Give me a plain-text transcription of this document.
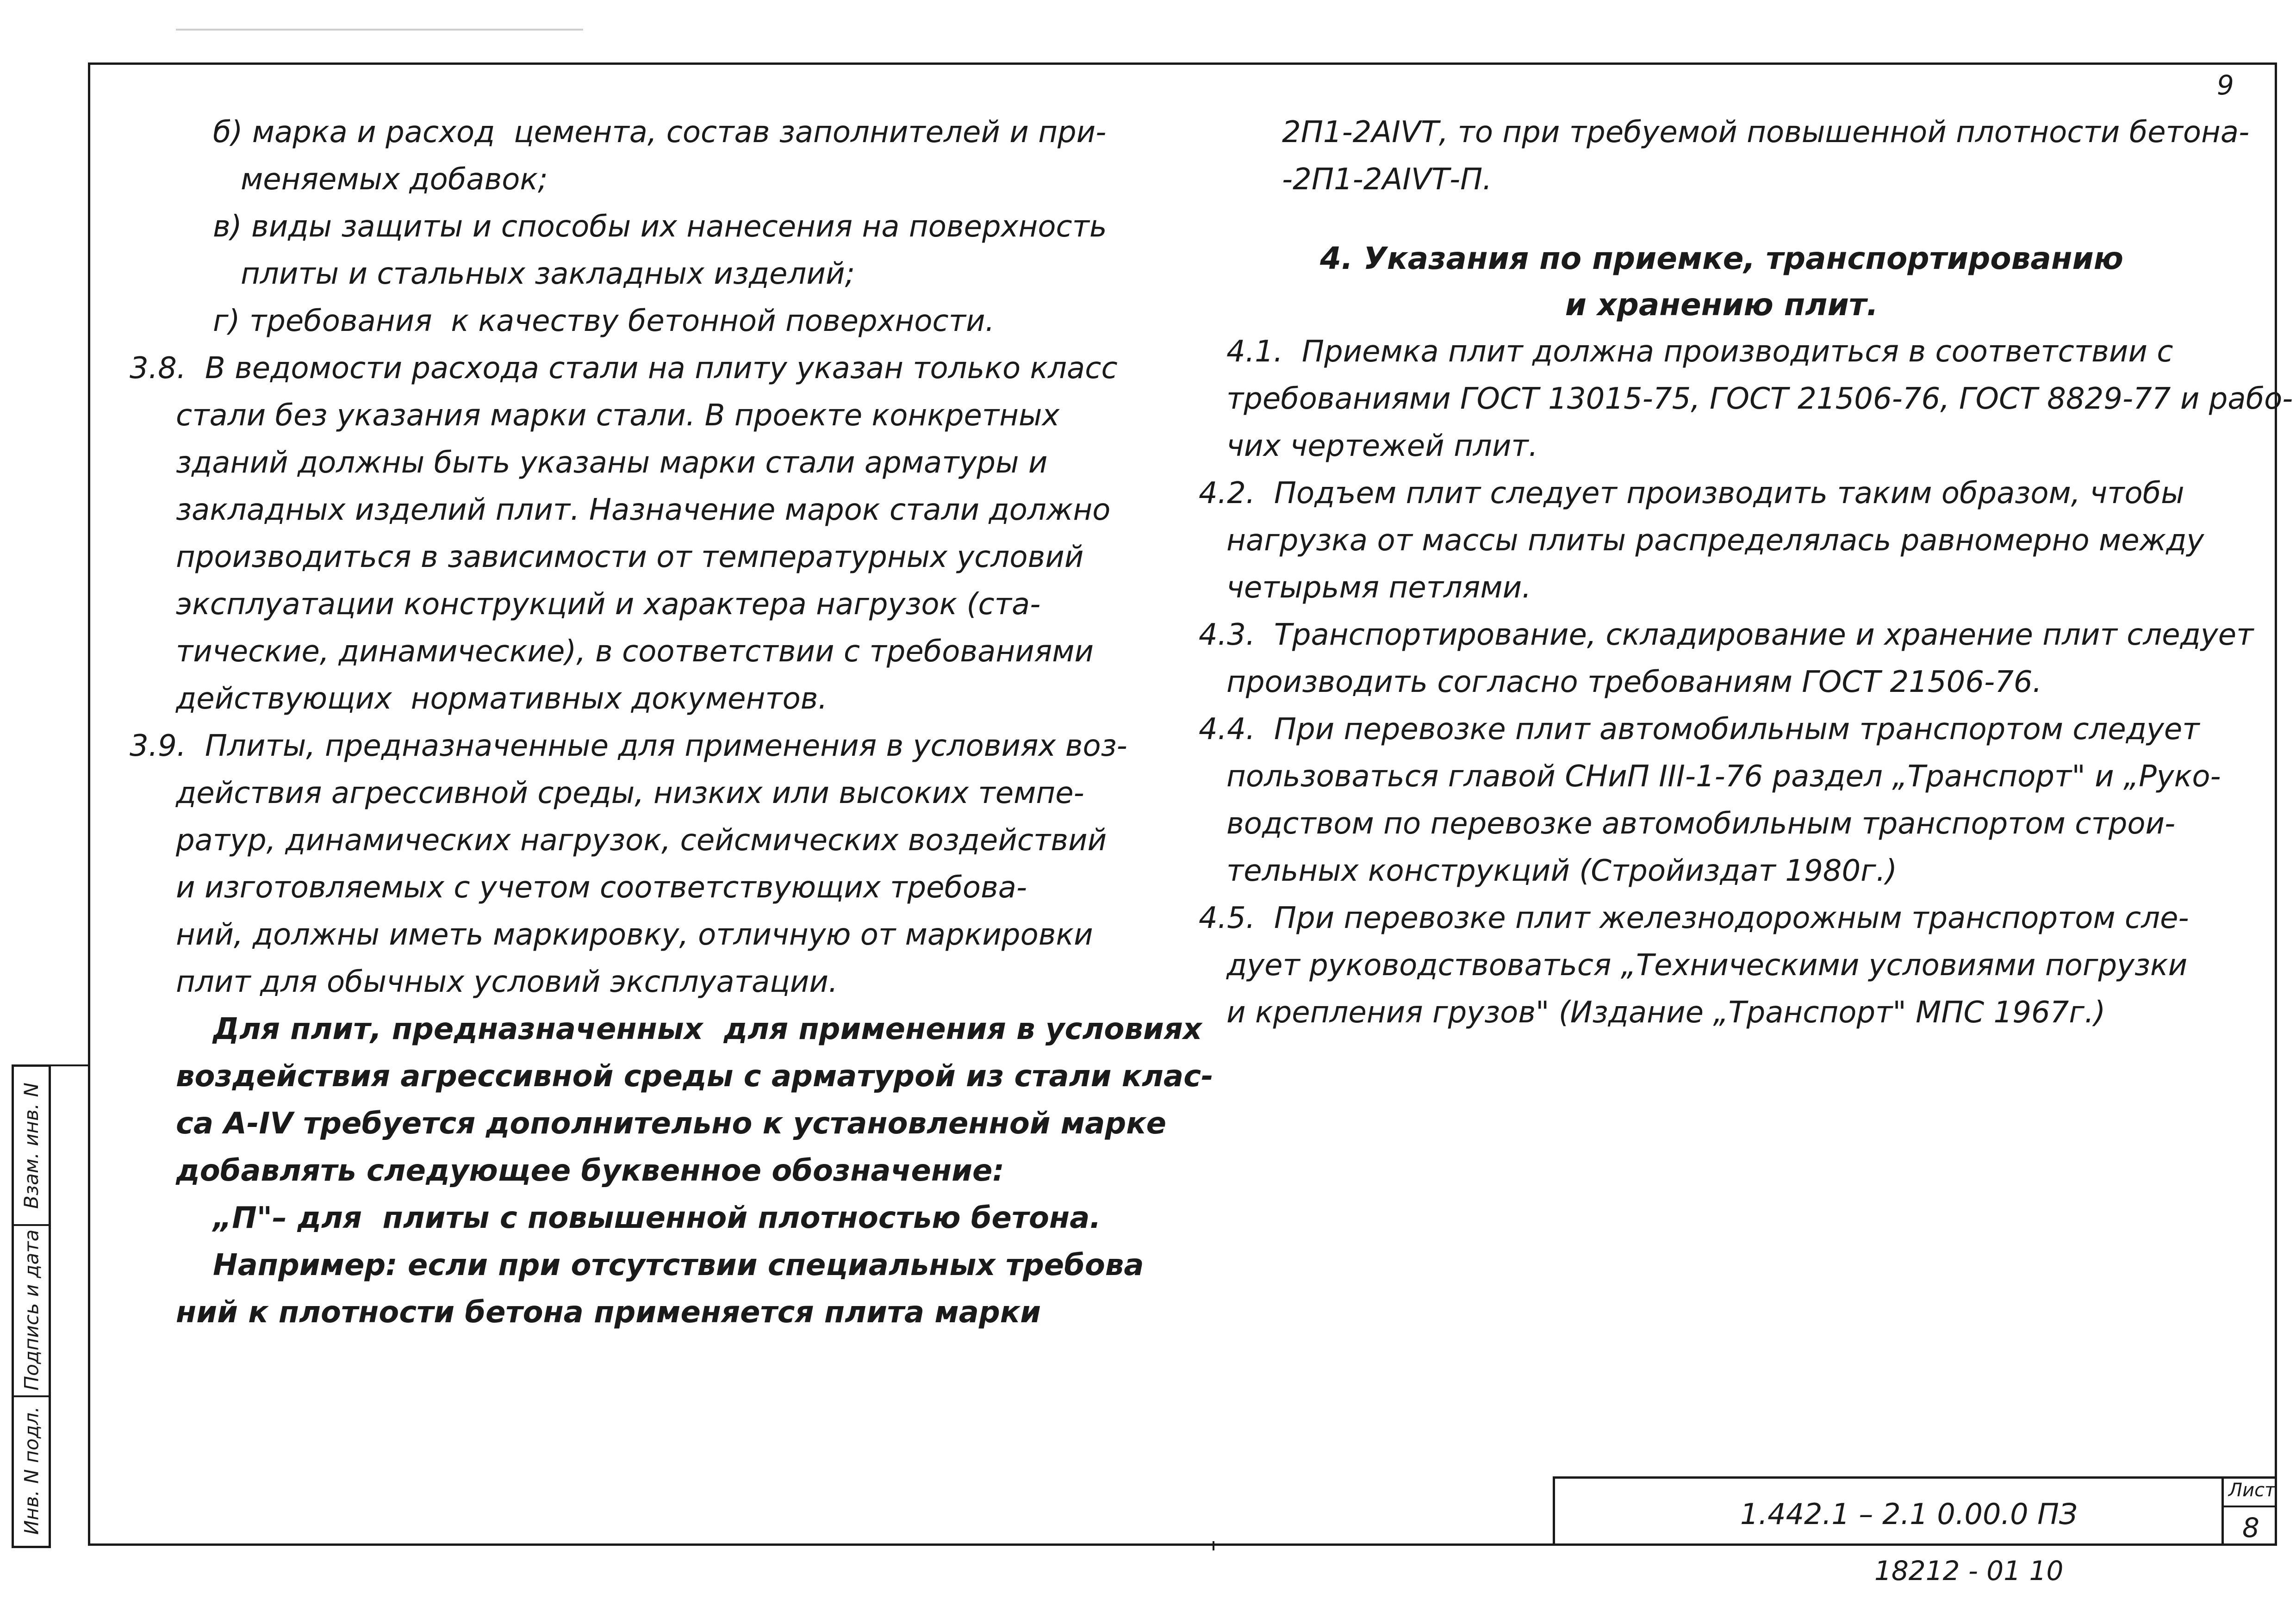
9

б) марка и расход  цемента, состав заполнителей и при-

меняемых добавок;

в) виды защиты и способы их нанесения на поверхность

плиты и стальных закладных изделий;

г) требования  к качеству бетонной поверхности.

3.8.  В ведомости расхода стали на плиту указан только класс

стали без указания марки стали. В проекте конкретных

зданий должны быть указаны марки стали арматуры и

закладных изделий плит. Назначение марок стали должно

производиться в зависимости от температурных условий

эксплуатации конструкций и характера нагрузок (ста-

тические, динамические), в соответствии с требованиями

действующих  нормативных документов.

3.9.  Плиты, предназначенные для применения в условиях воз-

действия агрессивной среды, низких или высоких темпе-

ратур, динамических нагрузок, сейсмических воздействий

и изготовляемых с учетом соответствующих требова-

ний, должны иметь маркировку, отличную от маркировки

плит для обычных условий эксплуатации.

Для плит, предназначенных  для применения в условиях

воздействия агрессивной среды с арматурой из стали клас-

са А-IV требуется дополнительно к установленной марке

добавлять следующее буквенное обозначение:

„П"– для  плиты с повышенной плотностью бетона.

Например: если при отсутствии специальных требова

ний к плотности бетона применяется плита марки

2П1-2АIVТ, то при требуемой повышенной плотности бетона-

-2П1-2АIVТ-П.

4. Указания по приемке, транспортированию
и хранению плит.

4.1.  Приемка плит должна производиться в соответствии с

требованиями ГОСТ 13015-75, ГОСТ 21506-76, ГОСТ 8829-77 и рабо-

чих чертежей плит.

4.2.  Подъем плит следует производить таким образом, чтобы

нагрузка от массы плиты распределялась равномерно между

четырьмя петлями.

4.3.  Транспортирование, складирование и хранение плит следует

производить согласно требованиям ГОСТ 21506-76.

4.4.  При перевозке плит автомобильным транспортом следует

пользоваться главой СНиП III-1-76 раздел „Транспорт" и „Руко-

водством по перевозке автомобильным транспортом строи-

тельных конструкций (Стройиздат 1980г.)

4.5.  При перевозке плит железнодорожным транспортом сле-

дует руководствоваться „Техническими условиями погрузки

и крепления грузов" (Издание „Транспорт" МПС 1967г.)

Взам. инв. N
Подпись и дата
Инв. N подл.	1.442.1 – 2.1 0.00.0 ПЗ
Лист
8
18212 - 01 10
